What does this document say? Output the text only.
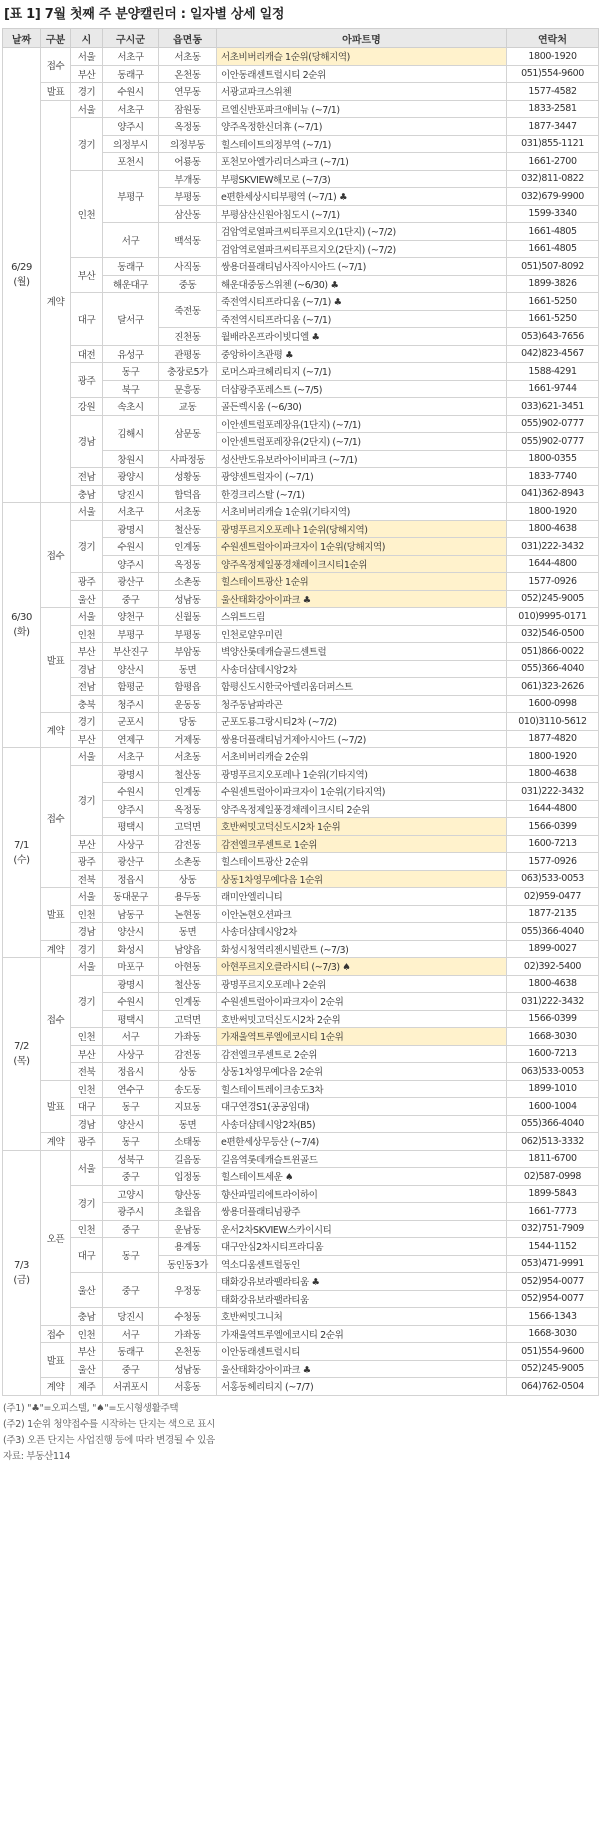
[표 1] 7월 첫째 주 분양캘린더 : 일자별 상세 일정
날짜	구분	시	구시군	읍면동	아파트명	연락처
6/29
(월)	접수	서울	서초구	서초동	서초비버리캐슬 1순위(당해지역)	1800-1920
		부산	동래구	온천동	이안동래센트럴시티 2순위	051)554-9600
	발표	경기	수원시	연무동	서광교파크스위첸	1577-4582
	계약	서울	서초구	잠원동	르엘신반포파크애비뉴 (~7/1)	1833-2581
		경기	양주시	옥정동	양주옥정한신더휴 (~7/1)	1877-3447
			의정부시	의정부동	힐스테이트의정부역 (~7/1)	031)855-1121
			포천시	어룡동	포천모아엘가리더스파크 (~7/1)	1661-2700
		인천	부평구	부개동	부평SKVIEW해모로 (~7/3)	032)811-0822
				부평동	e편한세상시티부평역 (~7/1) ♣	032)679-9900
				삼산동	부평삼산신원아침도시 (~7/1)	1599-3340
			서구	백석동	검암역로열파크씨티푸르지오(1단지) (~7/2)	1661-4805
					검암역로열파크씨티푸르지오(2단지) (~7/2)	1661-4805
		부산	동래구	사직동	쌍용더플래티넘사직아시아드 (~7/1)	051)507-8092
			해운대구	중동	해운대중동스위첸 (~6/30) ♣	1899-3826
		대구	달서구	죽전동	죽전역시티프라디움 (~7/1) ♣	1661-5250
					죽전역시티프라디움 (~7/1)	1661-5250
				진천동	월배라온프라이빗디엘 ♣	053)643-7656
		대전	유성구	관평동	중앙하이츠관평 ♣	042)823-4567
		광주	동구	충장로5가	로머스파크헤리티지 (~7/1)	1588-4291
			북구	문흥동	더샵광주포레스트 (~7/5)	1661-9744
		강원	속초시	교동	골든렉시움 (~6/30)	033)621-3451
		경남	김해시	삼문동	이안센트럴포레장유(1단지) (~7/1)	055)902-0777
					이안센트럴포레장유(2단지) (~7/1)	055)902-0777
			창원시	사파정동	성산반도유보라아이비파크 (~7/1)	1800-0355
		전남	광양시	성황동	광양센트럴자이 (~7/1)	1833-7740
		충남	당진시	합덕읍	한경크리스탈 (~7/1)	041)362-8943
6/30
(화)	접수	서울	서초구	서초동	서초비버리캐슬 1순위(기타지역)	1800-1920
		경기	광명시	철산동	광명푸르지오포레나 1순위(당해지역)	1800-4638
			수원시	인계동	수원센트럴아이파크자이 1순위(당해지역)	031)222-3432
			양주시	옥정동	양주옥정제일풍경채레이크시티1순위	1644-4800
		광주	광산구	소촌동	힐스테이트광산 1순위	1577-0926
		울산	중구	성남동	울산태화강아이파크 ♣	052)245-9005
	발표	서울	양천구	신월동	스위트드림	010)9995-0171
		인천	부평구	부평동	인천로얄우미린	032)546-0500
		부산	부산진구	부암동	벽양산롯데캐슬골드센트럴	051)866-0022
		경남	양산시	동면	사송더샵데시앙2차	055)366-4040
		전남	함평군	함평읍	함평신도시한국아델리움더퍼스트	061)323-2626
		충북	청주시	운동동	청주동남파라곤	1600-0998
	계약	경기	군포시	당동	군포도룡그랑시티2차 (~7/2)	010)3110-5612
		부산	연제구	거제동	쌍용더플래티넘거제아시아드 (~7/2)	1877-4820
7/1
(수)	접수	서울	서초구	서초동	서초비버리캐슬 2순위	1800-1920
		경기	광명시	철산동	광명푸르지오포레나 1순위(기타지역)	1800-4638
			수원시	인계동	수원센트럴아이파크자이 1순위(기타지역)	031)222-3432
			양주시	옥정동	양주옥정제일풍경채레이크시티 2순위	1644-4800
			평택시	고덕면	호반써밋고덕신도시2차 1순위	1566-0399
		부산	사상구	감전동	감전엘크루센트로 1순위	1600-7213
		광주	광산구	소촌동	힐스테이트광산 2순위	1577-0926
		전북	정읍시	상동	상동1차영무예다음 1순위	063)533-0053
	발표	서울	동대문구	용두동	래미안엘리니티	02)959-0477
		인천	남동구	논현동	이안논현오션파크	1877-2135
		경남	양산시	동면	사송더샵데시앙2차	055)366-4040
	계약	경기	화성시	남양읍	화성시청역리젠시빌란트 (~7/3)	1899-0027
7/2
(목)	접수	서울	마포구	아현동	아현푸르지오클라시티 (~7/3) ♠	02)392-5400
		경기	광명시	철산동	광명푸르지오포레나 2순위	1800-4638
			수원시	인계동	수원센트럴아이파크자이 2순위	031)222-3432
			평택시	고덕면	호반써밋고덕신도시2차 2순위	1566-0399
		인천	서구	가좌동	가재울역트루엘에코시티 1순위	1668-3030
		부산	사상구	감전동	감전엘크루센트로 2순위	1600-7213
		전북	정읍시	상동	상동1차영무예다음 2순위	063)533-0053
	발표	인천	연수구	송도동	힐스테이트레이크송도3차	1899-1010
		대구	동구	지묘동	대구연경S1(공공임대)	1600-1004
		경남	양산시	동면	사송더샵데시앙2차(B5)	055)366-4040
	계약	광주	동구	소태동	e편한세상무등산 (~7/4)	062)513-3332
7/3
(금)	오픈	서울	성북구	길음동	길음역롯데캐슬트윈골드	1811-6700
			중구	입정동	힐스테이트세운 ♠	02)587-0998
		경기	고양시	향산동	향산파밀리에트라이하이	1899-5843
			광주시	초월읍	쌍용더플래티넘광주	1661-7773
		인천	중구	운남동	운서2차SKVIEW스카이시티	032)751-7909
		대구	동구	용계동	대구안심2차시티프라디움	1544-1152
				동인동3가	역소디움센트럴동인	053)471-9991
		울산	중구	우정동	태화강유보라팰라티움 ♣	052)954-0077
					태화강유보라팰라티움	052)954-0077
		충남	당진시	수청동	호반써밋그니처	1566-1343
	접수	인천	서구	가좌동	가재울역트루엘에코시티 2순위	1668-3030
	발표	부산	동래구	온천동	이안동래센트럴시티	051)554-9600
		울산	중구	성남동	울산태화강아이파크 ♣	052)245-9005
	계약	제주	서귀포시	서홍동	서홍동헤리티지 (~7/7)	064)762-0504
(주1) "♣"=오피스텔, "♠"=도시형생활주택
(주2) 1순위 청약접수를 시작하는 단지는 색으로 표시
(주3) 오픈 단지는 사업진행 등에 따라 변경될 수 있음
자료: 부동산114
